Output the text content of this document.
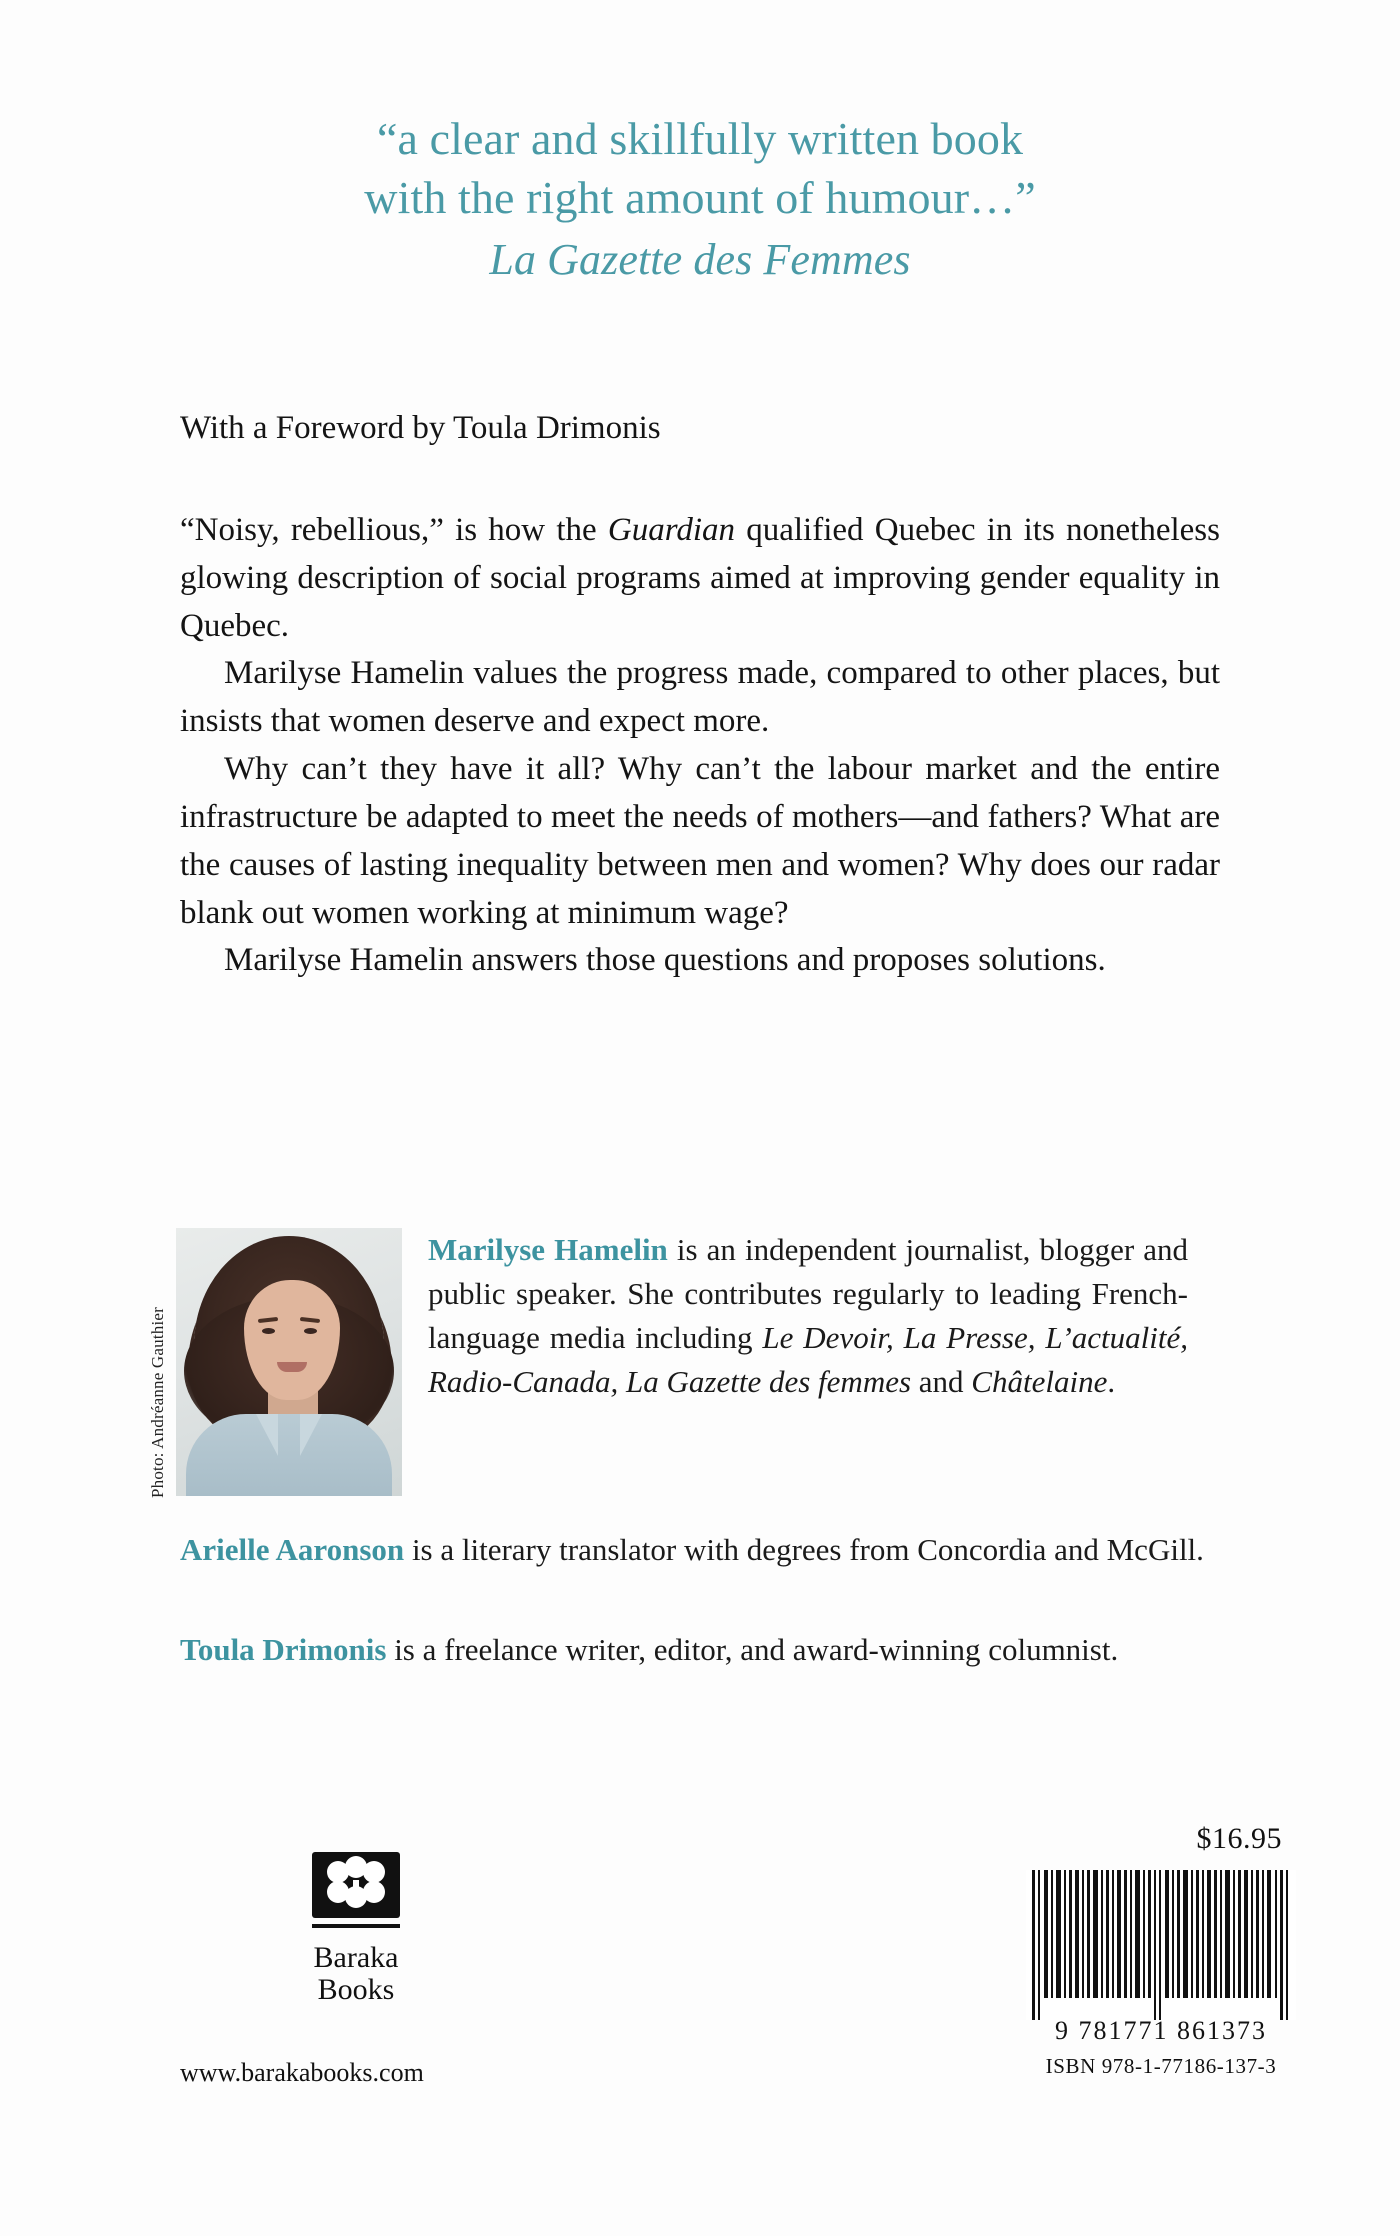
“a clear and skillfully written book
with the right amount of humour…”
La Gazette des Femmes

With a Foreword by Toula Drimonis

“Noisy, rebellious,” is how the Guardian qualified Quebec in its nonetheless glowing description of social programs aimed at improving gender equality in Quebec.

Marilyse Hamelin values the progress made, compared to other places, but insists that women deserve and expect more.

Why can’t they have it all? Why can’t the labour market and the entire infrastructure be adapted to meet the needs of mothers—and fathers? What are the causes of lasting inequality between men and women? Why does our radar blank out women working at minimum wage?

Marilyse Hamelin answers those questions and proposes solutions.

Photo: Andréanne Gauthier
Marilyse Hamelin is an independent journalist, blogger and public speaker. She contributes regularly to leading French-language media including Le Devoir, La Presse, L’actualité, Radio-Canada, La Gazette des femmes and Châtelaine.
Arielle Aaronson is a literary translator with degrees from Concordia and McGill.
Toula Drimonis is a freelance writer, editor, and award-winning columnist.
$16.95
Baraka
Books
www.barakabooks.com
9 781771 861373
ISBN 978-1-77186-137-3
